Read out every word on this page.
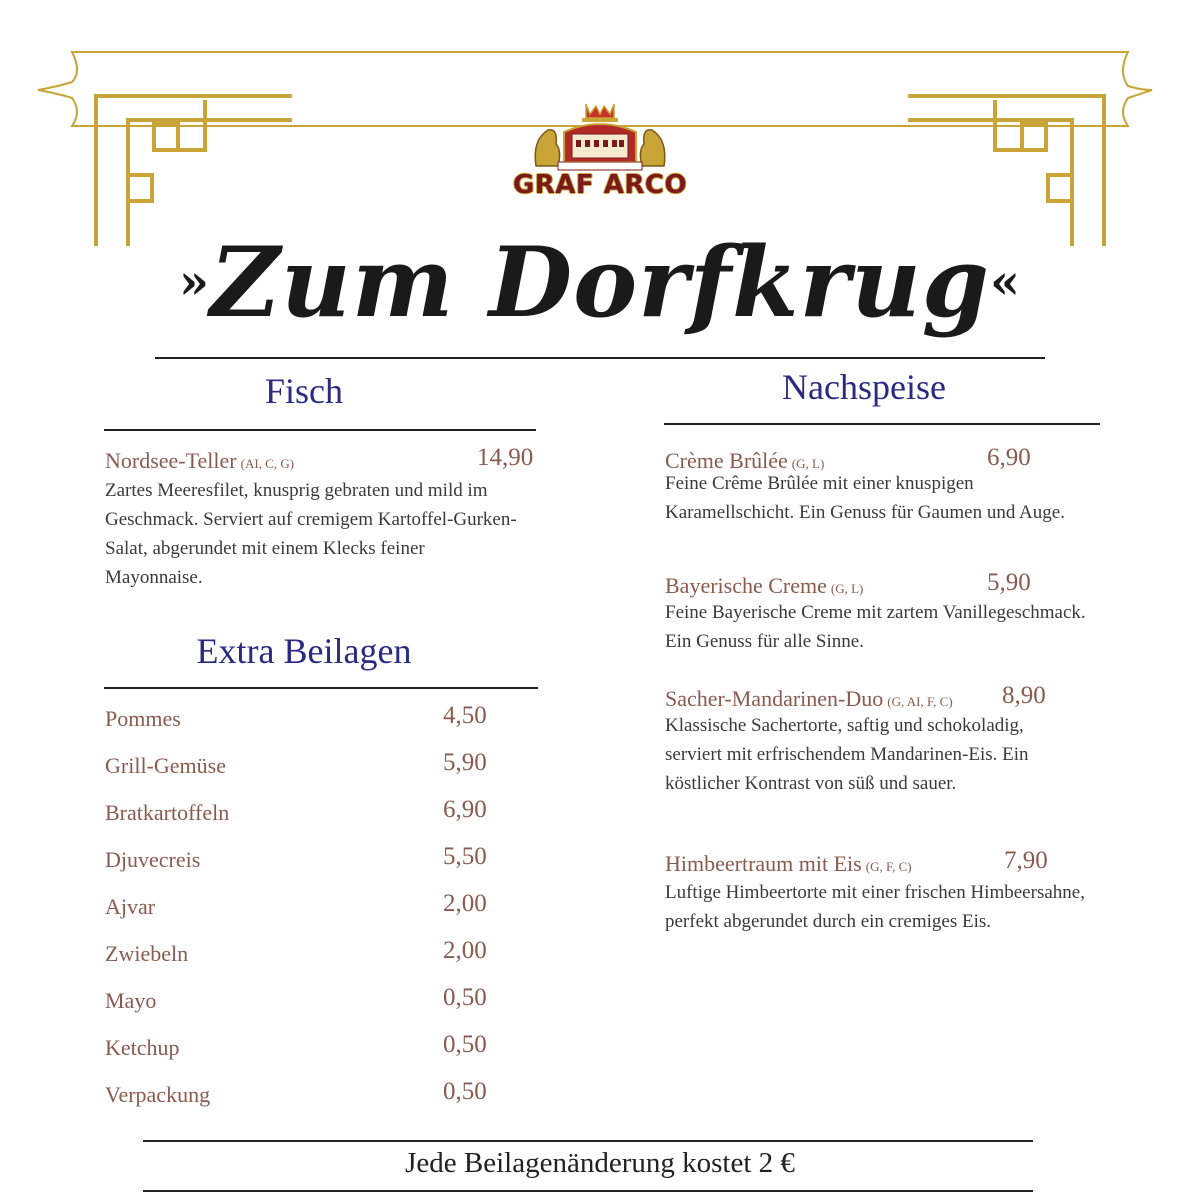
GRAF ARCO
»Zum Dorfkrug«
Fisch
Nordsee-Teller (AI, C, G)	14,90
Zartes Meeresfilet, knusprig gebraten und mild im Geschmack. Serviert auf cremigem Kartoffel-Gurken-Salat, abgerundet mit einem Klecks feiner Mayonnaise.
Extra Beilagen
Pommes	4,50
Grill-Gemüse	5,90
Bratkartoffeln	6,90
Djuvecreis	5,50
Ajvar	2,00
Zwiebeln	2,00
Mayo	0,50
Ketchup	0,50
Verpackung	0,50
Nachspeise
Crème Brûlée (G, L)	6,90
Feine Crême Brûlée mit einer knuspigen Karamellschicht. Ein Genuss für Gaumen und Auge.
Bayerische Creme (G, L)	5,90
Feine Bayerische Creme mit zartem Vanillegeschmack. Ein Genuss für alle Sinne.
Sacher-Mandarinen-Duo (G, AI, F, C) 8,90
Klassische Sachertorte, saftig und schokoladig, serviert mit erfrischendem Mandarinen-Eis. Ein köstlicher Kontrast von süß und sauer.
Himbeertraum mit Eis (G, F, C)	7,90
Luftige Himbeertorte mit einer frischen Himbeersahne, perfekt abgerundet durch ein cremiges Eis.
Jede Beilagenänderung kostet 2 €
